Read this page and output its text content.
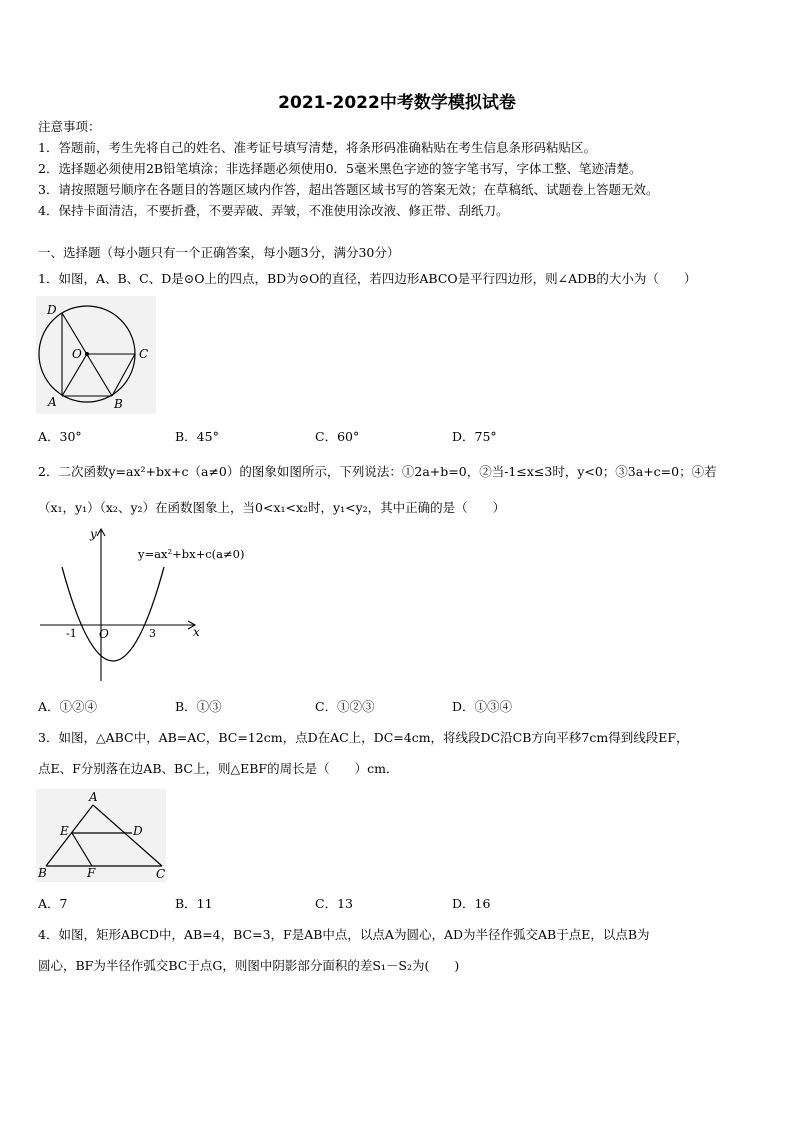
2021-2022中考数学模拟试卷
注意事项：
1．答题前，考生先将自己的姓名、准考证号填写清楚，将条形码准确粘贴在考生信息条形码粘贴区。
2．选择题必须使用2B铅笔填涂；非选择题必须使用0．5毫米黑色字迹的签字笔书写，字体工整、笔迹清楚。
3．请按照题号顺序在各题目的答题区域内作答，超出答题区域书写的答案无效；在草稿纸、试题卷上答题无效。
4．保持卡面清洁，不要折叠，不要弄破、弄皱，不准使用涂改液、修正带、刮纸刀。
一、选择题（每小题只有一个正确答案，每小题3分，满分30分）
1．如图，A、B、C、D是⊙O上的四点，BD为⊙O的直径，若四边形ABCO是平行四边形，则∠ADB的大小为（　　）
D
O	C
A	B
A．30°	B．45°	C．60°	D．75°
2．二次函数y=ax²+bx+c（a≠0）的图象如图所示，下列说法：①2a+b=0，②当-1≤x≤3时，y<0；③3a+c=0；④若
（x₁，y₁）（x₂、y₂）在函数图象上，当0<x₁<x₂时，y₁<y₂，其中正确的是（　　）
y
x
y=ax²+bx+c(a≠0)
-1 O	3
A．①②④	B．①③	C．①②③	D．①③④
3．如图，△ABC中，AB=AC，BC=12cm，点D在AC上，DC=4cm，将线段DC沿CB方向平移7cm得到线段EF，
点E、F分别落在边AB、BC上，则△EBF的周长是（　　）cm．
A
E	D
B	F	C
A．7	B．11	C．13	D．16
4．如图，矩形ABCD中，AB=4，BC=3，F是AB中点，以点A为圆心，AD为半径作弧交AB于点E，以点B为
圆心，BF为半径作弧交BC于点G，则图中阴影部分面积的差S₁－S₂为(　　)
